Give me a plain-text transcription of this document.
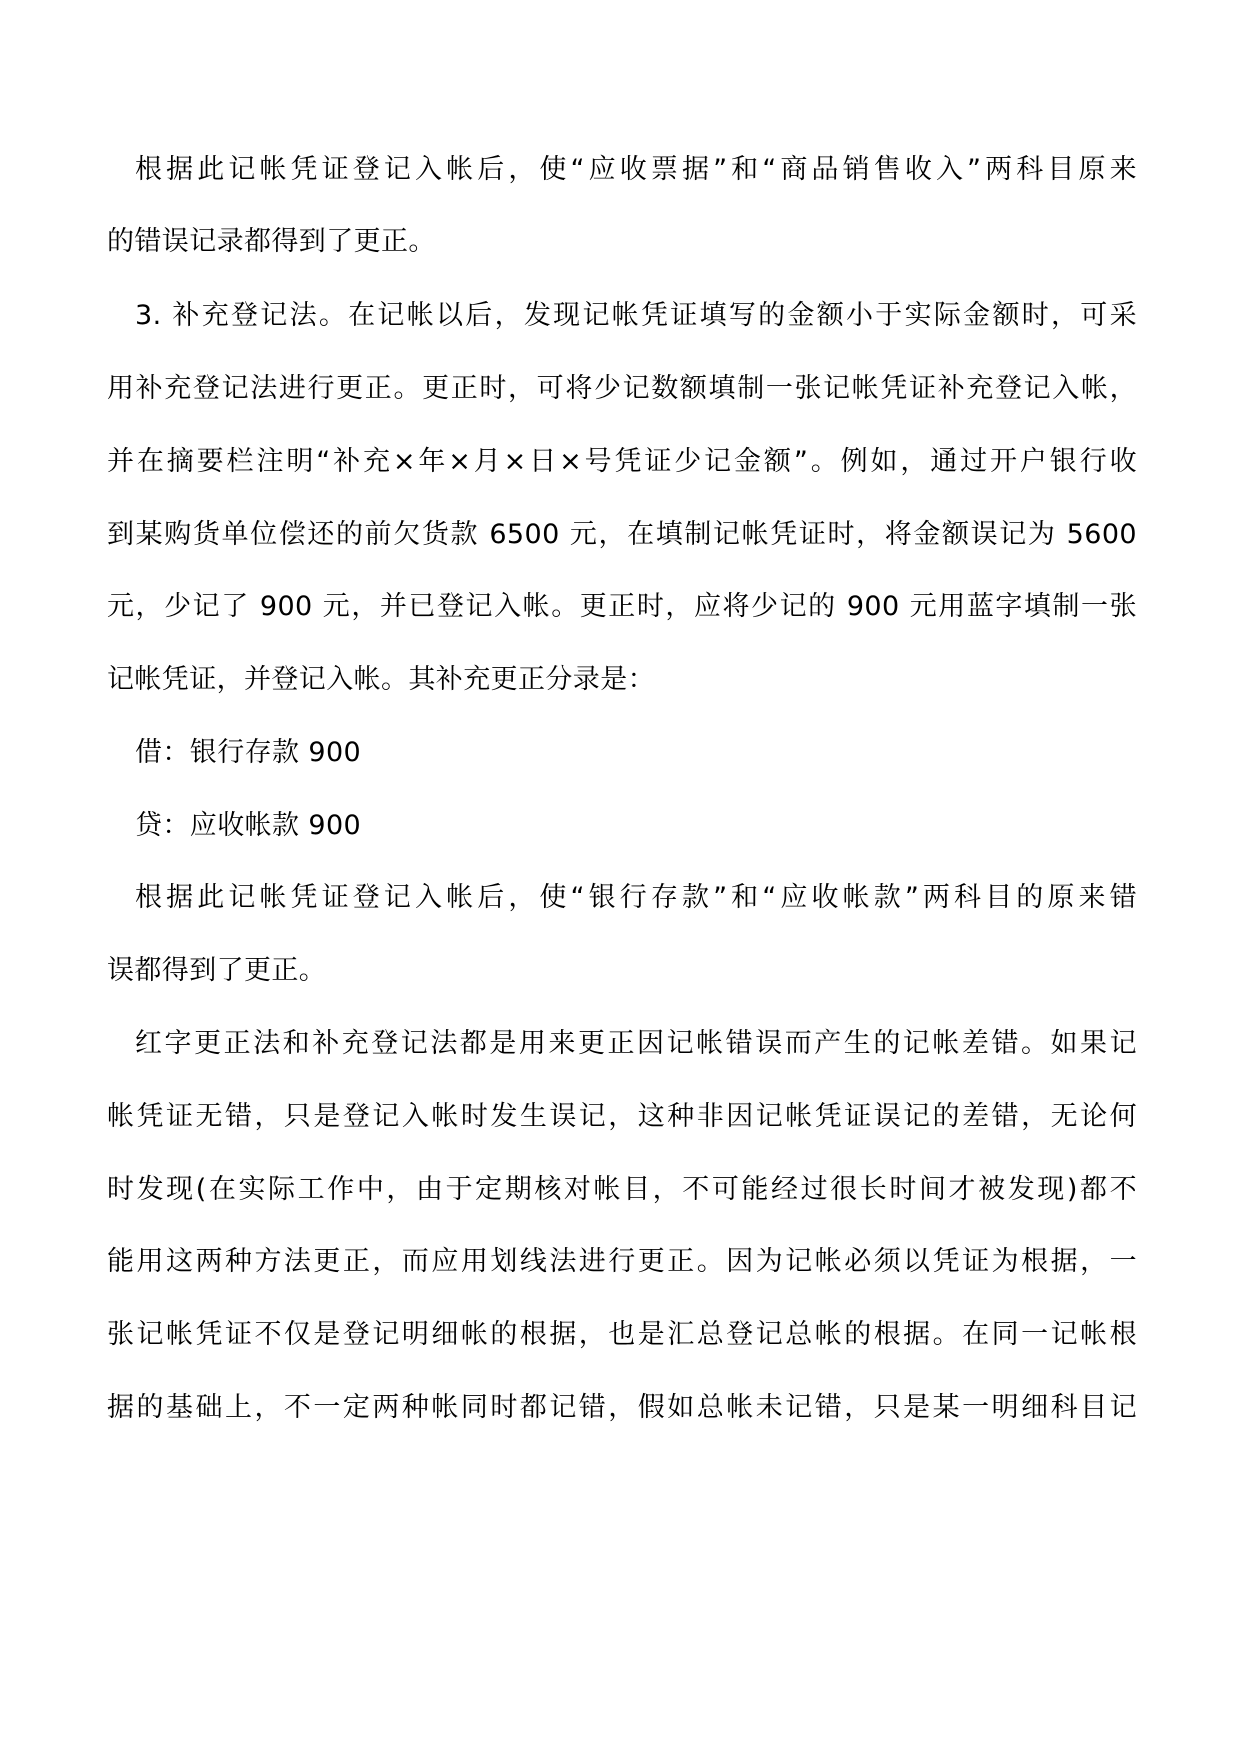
根据此记帐凭证登记入帐后，使“应收票据”和“商品销售收入”两科目原来
的错误记录都得到了更正。
3. 补充登记法。在记帐以后，发现记帐凭证填写的金额小于实际金额时，可采
用补充登记法进行更正。更正时，可将少记数额填制一张记帐凭证补充登记入帐，
并在摘要栏注明“补充×年×月×日×号凭证少记金额”。例如，通过开户银行收
到某购货单位偿还的前欠货款 6500 元，在填制记帐凭证时，将金额误记为 5600
元，少记了 900 元，并已登记入帐。更正时，应将少记的 900 元用蓝字填制一张
记帐凭证，并登记入帐。其补充更正分录是：
借：银行存款 900
贷：应收帐款 900
根据此记帐凭证登记入帐后，使“银行存款”和“应收帐款”两科目的原来错
误都得到了更正。
红字更正法和补充登记法都是用来更正因记帐错误而产生的记帐差错。如果记
帐凭证无错，只是登记入帐时发生误记，这种非因记帐凭证误记的差错，无论何
时发现(在实际工作中，由于定期核对帐目，不可能经过很长时间才被发现)都不
能用这两种方法更正，而应用划线法进行更正。因为记帐必须以凭证为根据，一
张记帐凭证不仅是登记明细帐的根据，也是汇总登记总帐的根据。在同一记帐根
据的基础上，不一定两种帐同时都记错，假如总帐未记错，只是某一明细科目记
